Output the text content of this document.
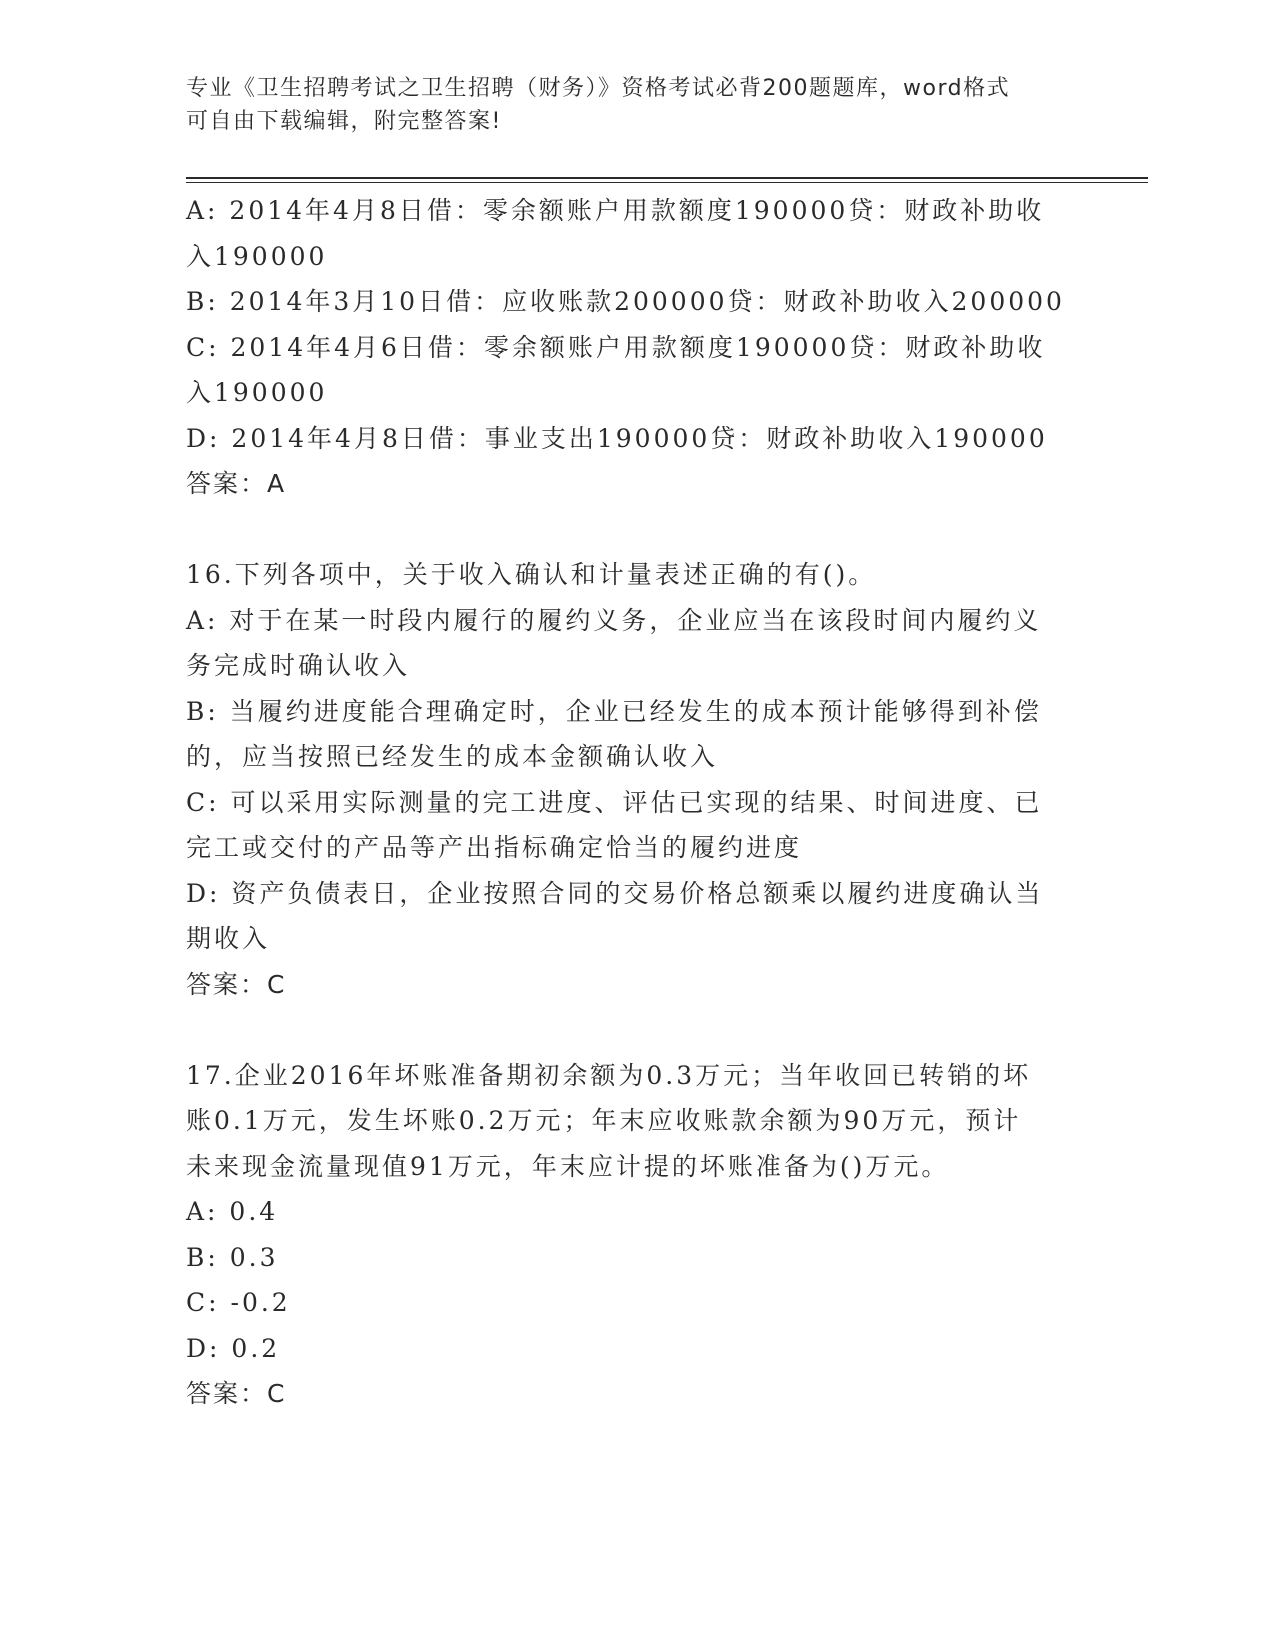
专业《卫生招聘考试之卫生招聘（财务）》资格考试必背200题题库，word格式
可自由下载编辑，附完整答案!
A: 2014年4月8日借：零余额账户用款额度190000贷：财政补助收
入190000
B: 2014年3月10日借：应收账款200000贷：财政补助收入200000
C: 2014年4月6日借：零余额账户用款额度190000贷：财政补助收
入190000
D: 2014年4月8日借：事业支出190000贷：财政补助收入190000
答案：A
16.下列各项中，关于收入确认和计量表述正确的有()。
A: 对于在某一时段内履行的履约义务，企业应当在该段时间内履约义
务完成时确认收入
B: 当履约进度能合理确定时，企业已经发生的成本预计能够得到补偿
的，应当按照已经发生的成本金额确认收入
C: 可以采用实际测量的完工进度、评估已实现的结果、时间进度、已
完工或交付的产品等产出指标确定恰当的履约进度
D: 资产负债表日，企业按照合同的交易价格总额乘以履约进度确认当
期收入
答案：C
17.企业2016年坏账准备期初余额为0.3万元；当年收回已转销的坏
账0.1万元，发生坏账0.2万元；年末应收账款余额为90万元，预计
未来现金流量现值91万元，年末应计提的坏账准备为()万元。
A: 0.4
B: 0.3
C: -0.2
D: 0.2
答案：C
